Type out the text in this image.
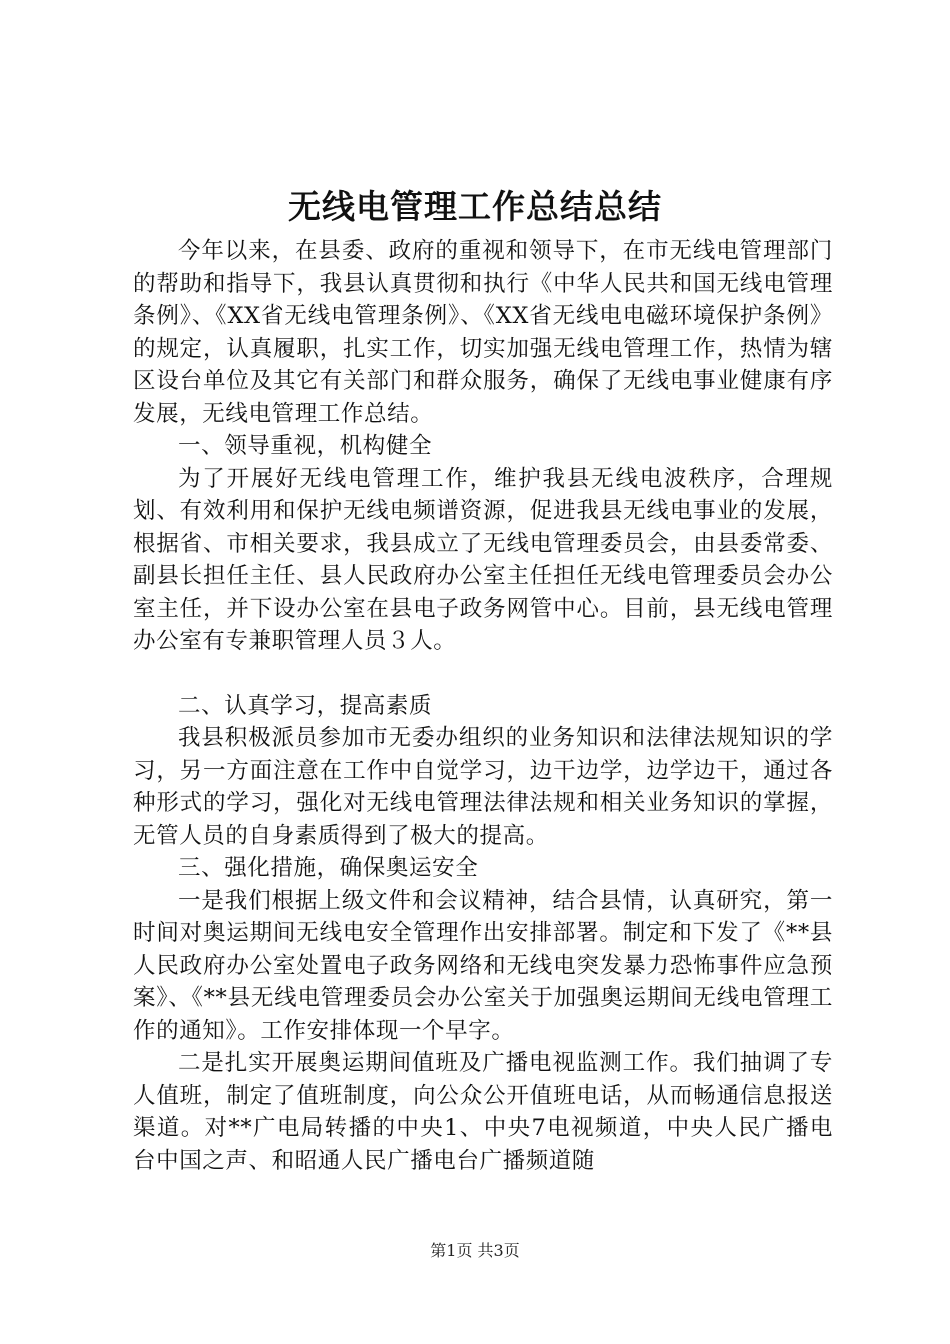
无线电管理工作总结总结

今年以来，在县委、政府的重视和领导下，在市无线电管理部门的帮助和指导下，我县认真贯彻和执行《中华人民共和国无线电管理条例》、《XX省无线电管理条例》、《XX省无线电电磁环境保护条例》的规定，认真履职，扎实工作，切实加强无线电管理工作，热情为辖区设台单位及其它有关部门和群众服务，确保了无线电事业健康有序发展，无线电管理工作总结。

一、领导重视，机构健全

为了开展好无线电管理工作，维护我县无线电波秩序，合理规划、有效利用和保护无线电频谱资源，促进我县无线电事业的发展，根据省、市相关要求，我县成立了无线电管理委员会，由县委常委、副县长担任主任、县人民政府办公室主任担任无线电管理委员会办公室主任，并下设办公室在县电子政务网管中心。目前，县无线电管理办公室有专兼职管理人员３人。

二、认真学习，提高素质

我县积极派员参加市无委办组织的业务知识和法律法规知识的学习，另一方面注意在工作中自觉学习，边干边学，边学边干，通过各种形式的学习，强化对无线电管理法律法规和相关业务知识的掌握，无管人员的自身素质得到了极大的提高。

三、强化措施，确保奥运安全

一是我们根据上级文件和会议精神，结合县情，认真研究，第一时间对奥运期间无线电安全管理作出安排部署。制定和下发了《**县人民政府办公室处置电子政务网络和无线电突发暴力恐怖事件应急预案》、《**县无线电管理委员会办公室关于加强奥运期间无线电管理工作的通知》。工作安排体现一个早字。

二是扎实开展奥运期间值班及广播电视监测工作。我们抽调了专人值班，制定了值班制度，向公众公开值班电话，从而畅通信息报送渠道。对**广电局转播的中央1、中央7电视频道，中央人民广播电台中国之声、和昭通人民广播电台广播频道随

第1页 共3页
